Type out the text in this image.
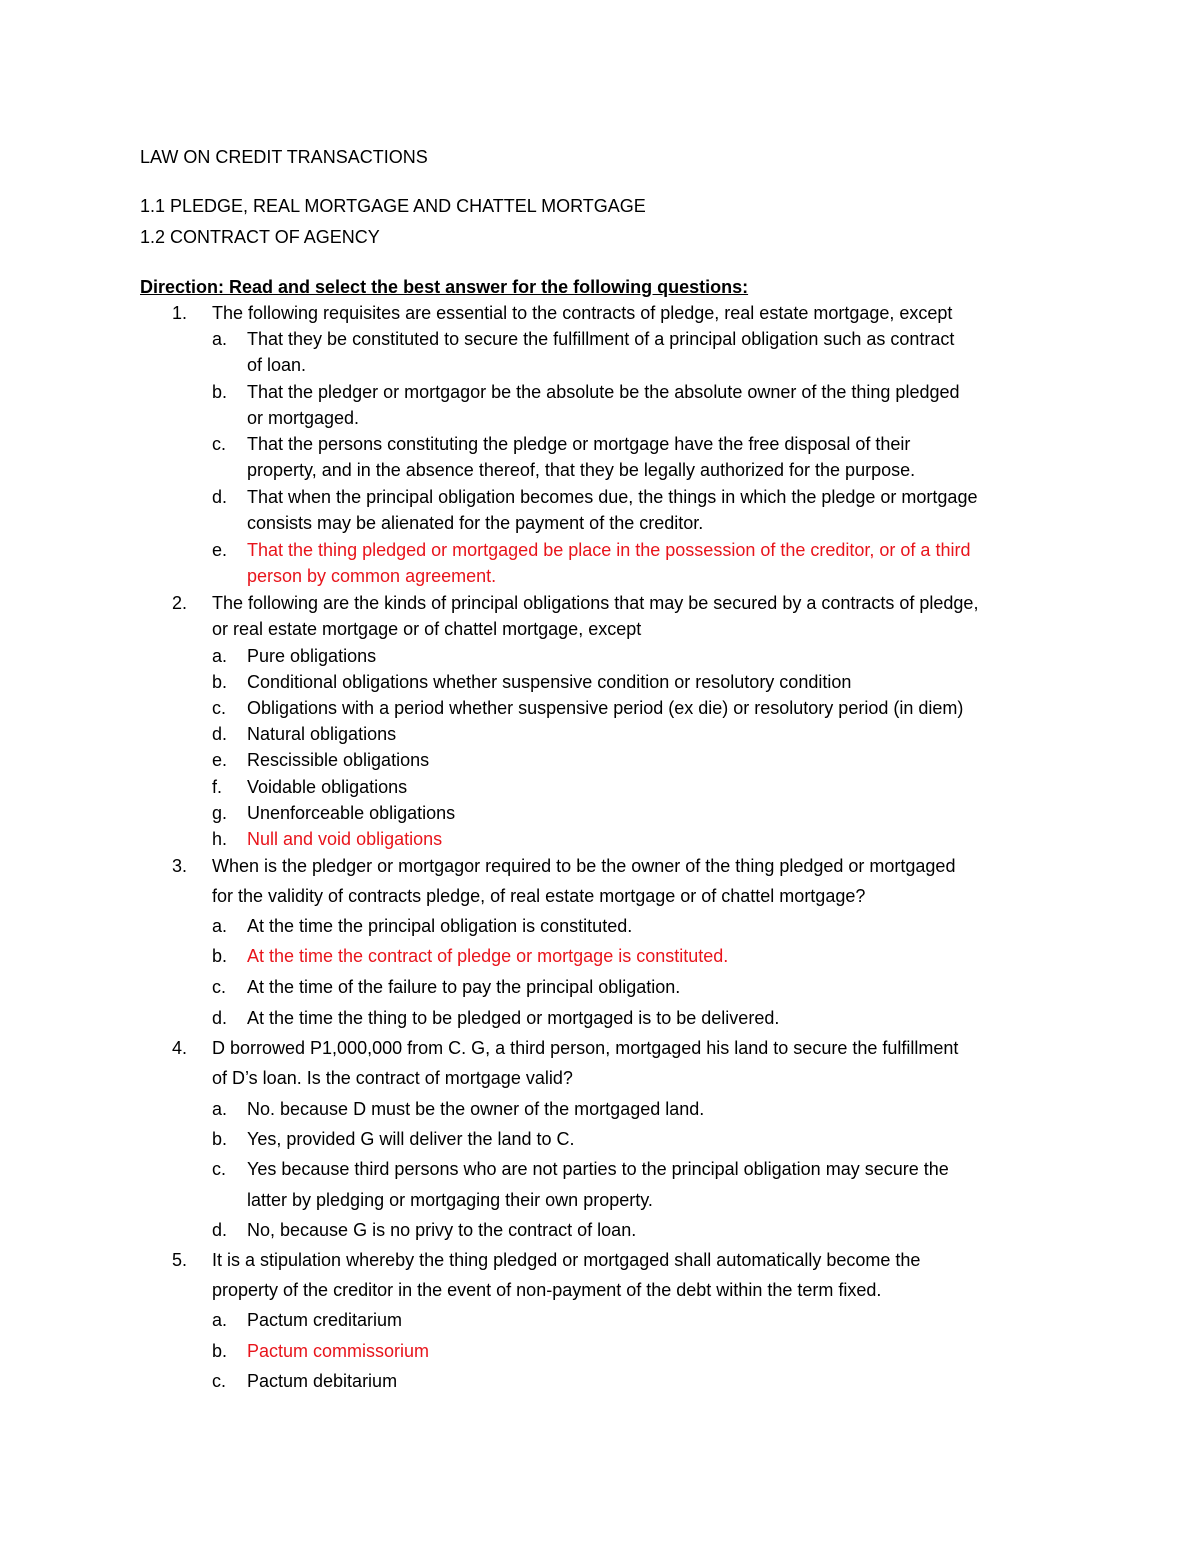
LAW ON CREDIT TRANSACTIONS
1.1 PLEDGE, REAL MORTGAGE AND CHATTEL MORTGAGE
1.2 CONTRACT OF AGENCY
Direction: Read and select the best answer for the following questions:
1. The following requisites are essential to the contracts of pledge, real estate mortgage, except
a. That they be constituted to secure the fulfillment of a principal obligation such as contract
of loan.
b. That the pledger or mortgagor be the absolute be the absolute owner of the thing pledged
or mortgaged.
c. That the persons constituting the pledge or mortgage have the free disposal of their
property, and in the absence thereof, that they be legally authorized for the purpose.
d. That when the principal obligation becomes due, the things in which the pledge or mortgage
consists may be alienated for the payment of the creditor.
e. That the thing pledged or mortgaged be place in the possession of the creditor, or of a third
person by common agreement.
2. The following are the kinds of principal obligations that may be secured by a contracts of pledge,
or real estate mortgage or of chattel mortgage, except
a. Pure obligations
b. Conditional obligations whether suspensive condition or resolutory condition
c. Obligations with a period whether suspensive period (ex die) or resolutory period (in diem)
d. Natural obligations
e. Rescissible obligations
f. Voidable obligations
g. Unenforceable obligations
h. Null and void obligations
3. When is the pledger or mortgagor required to be the owner of the thing pledged or mortgaged
for the validity of contracts pledge, of real estate mortgage or of chattel mortgage?
a. At the time the principal obligation is constituted.
b. At the time the contract of pledge or mortgage is constituted.
c. At the time of the failure to pay the principal obligation.
d. At the time the thing to be pledged or mortgaged is to be delivered.
4. D borrowed P1,000,000 from C. G, a third person, mortgaged his land to secure the fulfillment
of D’s loan. Is the contract of mortgage valid?
a. No. because D must be the owner of the mortgaged land.
b. Yes, provided G will deliver the land to C.
c. Yes because third persons who are not parties to the principal obligation may secure the
latter by pledging or mortgaging their own property.
d. No, because G is no privy to the contract of loan.
5. It is a stipulation whereby the thing pledged or mortgaged shall automatically become the
property of the creditor in the event of non-payment of the debt within the term fixed.
a. Pactum creditarium
b. Pactum commissorium
c. Pactum debitarium
